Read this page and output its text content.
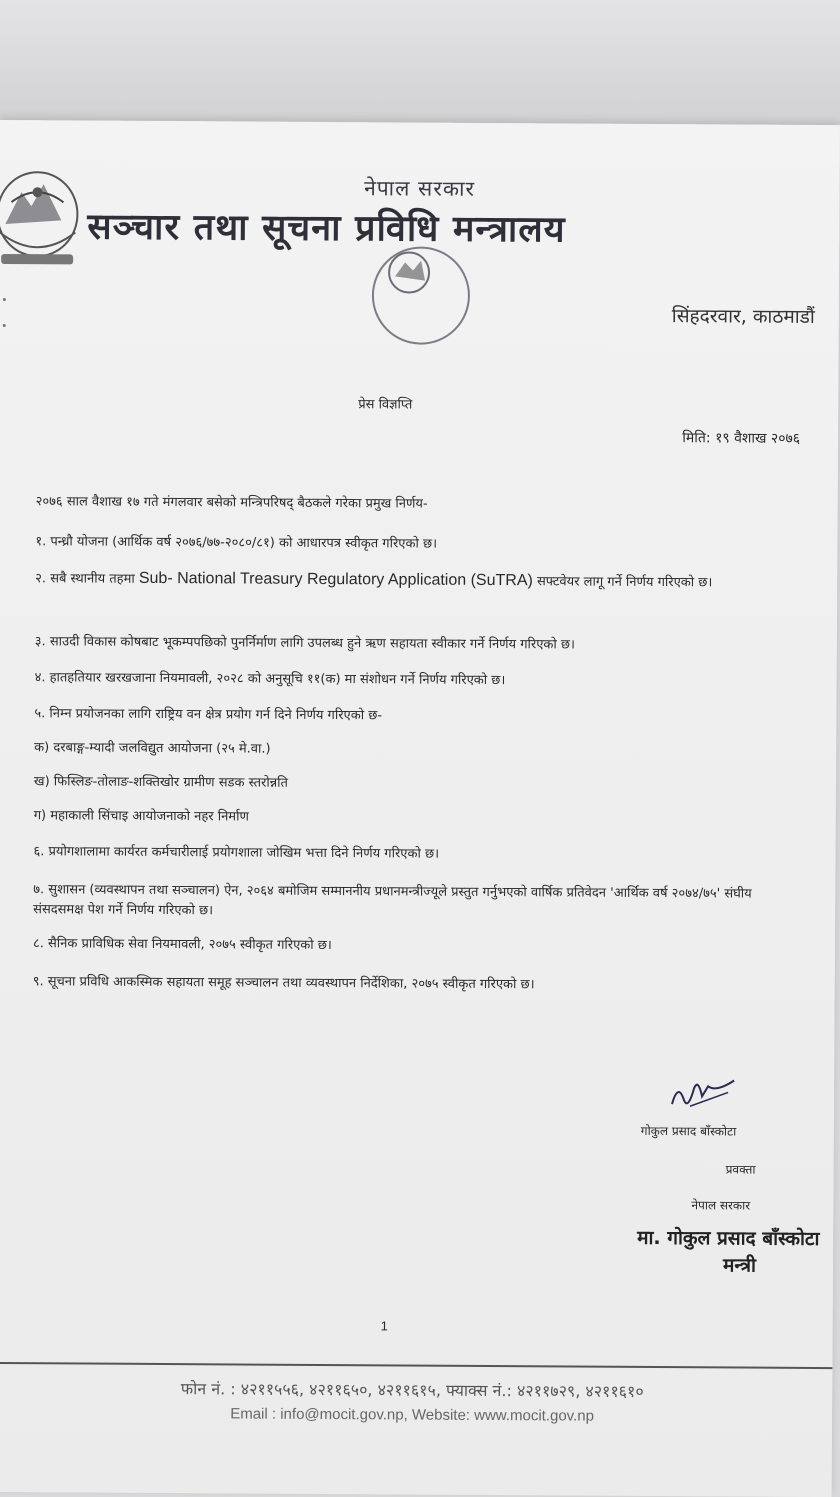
नेपाल सरकार
सञ्चार तथा सूचना प्रविधि मन्त्रालय
सिंहदरवार, काठमाडौं
प्रेस विज्ञप्ति
मिति: १९ वैशाख २०७६
२०७६ साल वैशाख १७ गते मंगलवार बसेको मन्त्रिपरिषद् बैठकले गरेका प्रमुख निर्णय-
१. पन्ध्रौ योजना (आर्थिक वर्ष २०७६/७७-२०८०/८१) को आधारपत्र स्वीकृत गरिएको छ।
२. सबै स्थानीय तहमा Sub- National Treasury Regulatory Application (SuTRA) सफ्टवेयर लागू गर्ने निर्णय गरिएको छ।
३. साउदी विकास कोषबाट भूकम्पपछिको पुनर्निर्माण लागि उपलब्ध हुने ऋण सहायता स्वीकार गर्ने निर्णय गरिएको छ।
४. हातहतियार खरखजाना नियमावली, २०२८ को अनुसूचि ११(क) मा संशोधन गर्ने निर्णय गरिएको छ।
५. निम्न प्रयोजनका लागि राष्ट्रिय वन क्षेत्र प्रयोग गर्न दिने निर्णय गरिएको छ-
क) दरबाङ्ग-म्यादी जलविद्युत आयोजना (२५ मे.वा.)
ख) फिस्लिङ-तोलाङ-शक्तिखोर ग्रामीण सडक स्तरोन्नति
ग) महाकाली सिंचाइ आयोजनाको नहर निर्माण
६. प्रयोगशालामा कार्यरत कर्मचारीलाई प्रयोगशाला जोखिम भत्ता दिने निर्णय गरिएको छ।
७. सुशासन (व्यवस्थापन तथा सञ्चालन) ऐन, २०६४ बमोजिम सम्माननीय प्रधानमन्त्रीज्यूले प्रस्तुत गर्नुभएको वार्षिक प्रतिवेदन 'आर्थिक वर्ष २०७४/७५' संघीय संसदसमक्ष पेश गर्ने निर्णय गरिएको छ।
८. सैनिक प्राविधिक सेवा नियमावली, २०७५ स्वीकृत गरिएको छ।
९. सूचना प्रविधि आकस्मिक सहायता समूह सञ्चालन तथा व्यवस्थापन निर्देशिका, २०७५ स्वीकृत गरिएको छ।
गोकुल प्रसाद बाँस्कोटा
प्रवक्ता
नेपाल सरकार
मा. गोकुल प्रसाद बाँस्कोटा
मन्त्री
1
फोन नं. : ४२११५५६, ४२११६५०, ४२११६१५, फ्याक्स नं.: ४२११७२९, ४२११६१०
Email : info@mocit.gov.np, Website: www.mocit.gov.np
